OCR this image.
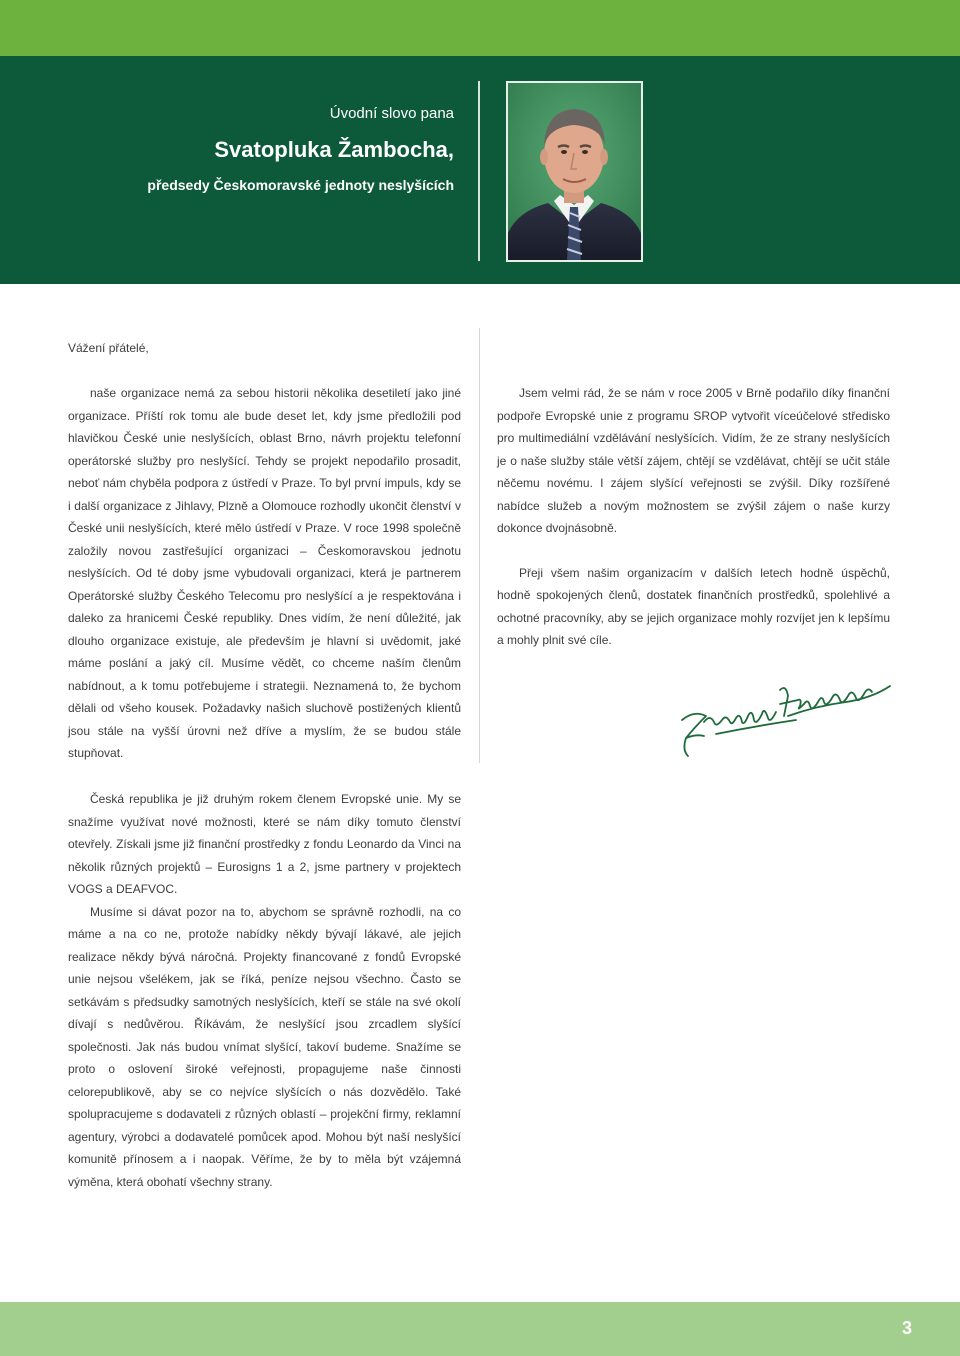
Úvodní slovo pana
Svatopluka Žambocha,
předsedy Českomoravské jednoty neslyšících
Vážení přátelé,

naše organizace nemá za sebou historii několika desetiletí jako jiné organizace. Příští rok tomu ale bude deset let, kdy jsme předložili pod hlavičkou České unie neslyšících, oblast Brno, návrh projektu telefonní operátorské služby pro neslyšící. Tehdy se projekt nepodařilo prosadit, neboť nám chyběla podpora z ústředí v Praze. To byl první impuls, kdy se i další organizace z Jihlavy, Plzně a Olomouce rozhodly ukončit členství v České unii neslyšících, které mělo ústředí v Praze. V roce 1998 společně založily novou zastřešující organizaci – Českomoravskou jednotu neslyšících. Od té doby jsme vybudovali organizaci, která je partnerem Operátorské služby Českého Telecomu pro neslyšící a je respektována i daleko za hranicemi České republiky. Dnes vidím, že není důležité, jak dlouho organizace existuje, ale především je hlavní si uvědomit, jaké máme poslání a jaký cíl. Musíme vědět, co chceme naším členům nabídnout, a k tomu potřebujeme i strategii. Neznamená to, že bychom dělali od všeho kousek. Požadavky našich sluchově postižených klientů jsou stále na vyšší úrovni než dříve a myslím, že se budou stále stupňovat.

Česká republika je již druhým rokem členem Evropské unie. My se snažíme využívat nové možnosti, které se nám díky tomuto členství otevřely. Získali jsme již finanční prostředky z fondu Leonardo da Vinci na několik různých projektů – Eurosigns 1 a 2, jsme partnery v projektech VOGS a DEAFVOC.

Musíme si dávat pozor na to, abychom se správně rozhodli, na co máme a na co ne, protože nabídky někdy bývají lákavé, ale jejich realizace někdy bývá náročná. Projekty financované z fondů Evropské unie nejsou všelékem, jak se říká, peníze nejsou všechno. Často se setkávám s předsudky samotných neslyšících, kteří se stále na své okolí dívají s nedůvěrou. Říkávám, že neslyšící jsou zrcadlem slyšící společnosti. Jak nás budou vnímat slyšící, takoví budeme. Snažíme se proto o oslovení široké veřejnosti, propagujeme naše činnosti celorepublikově, aby se co nejvíce slyšících o nás dozvědělo. Také spolupracujeme s dodavateli z různých oblastí – projekční firmy, reklamní agentury, výrobci a dodavatelé pomůcek apod. Mohou být naší neslyšící komunitě přínosem a i naopak. Věříme, že by to měla být vzájemná výměna, která obohatí všechny strany.

Jsem velmi rád, že se nám v roce 2005 v Brně podařilo díky finanční podpoře Evropské unie z programu SROP vytvořit víceúčelové středisko pro multimediální vzdělávání neslyšících. Vidím, že ze strany neslyšících je o naše služby stále větší zájem, chtějí se vzdělávat, chtějí se učit stále něčemu novému. I zájem slyšící veřejnosti se zvýšil. Díky rozšířené nabídce služeb a novým možnostem se zvýšil zájem o naše kurzy dokonce dvojnásobně.

Přeji všem našim organizacím v dalších letech hodně úspěchů, hodně spokojených členů, dostatek finančních prostředků, spolehlivé a ochotné pracovníky, aby se jejich organizace mohly rozvíjet jen k lepšímu a mohly plnit své cíle.

3
